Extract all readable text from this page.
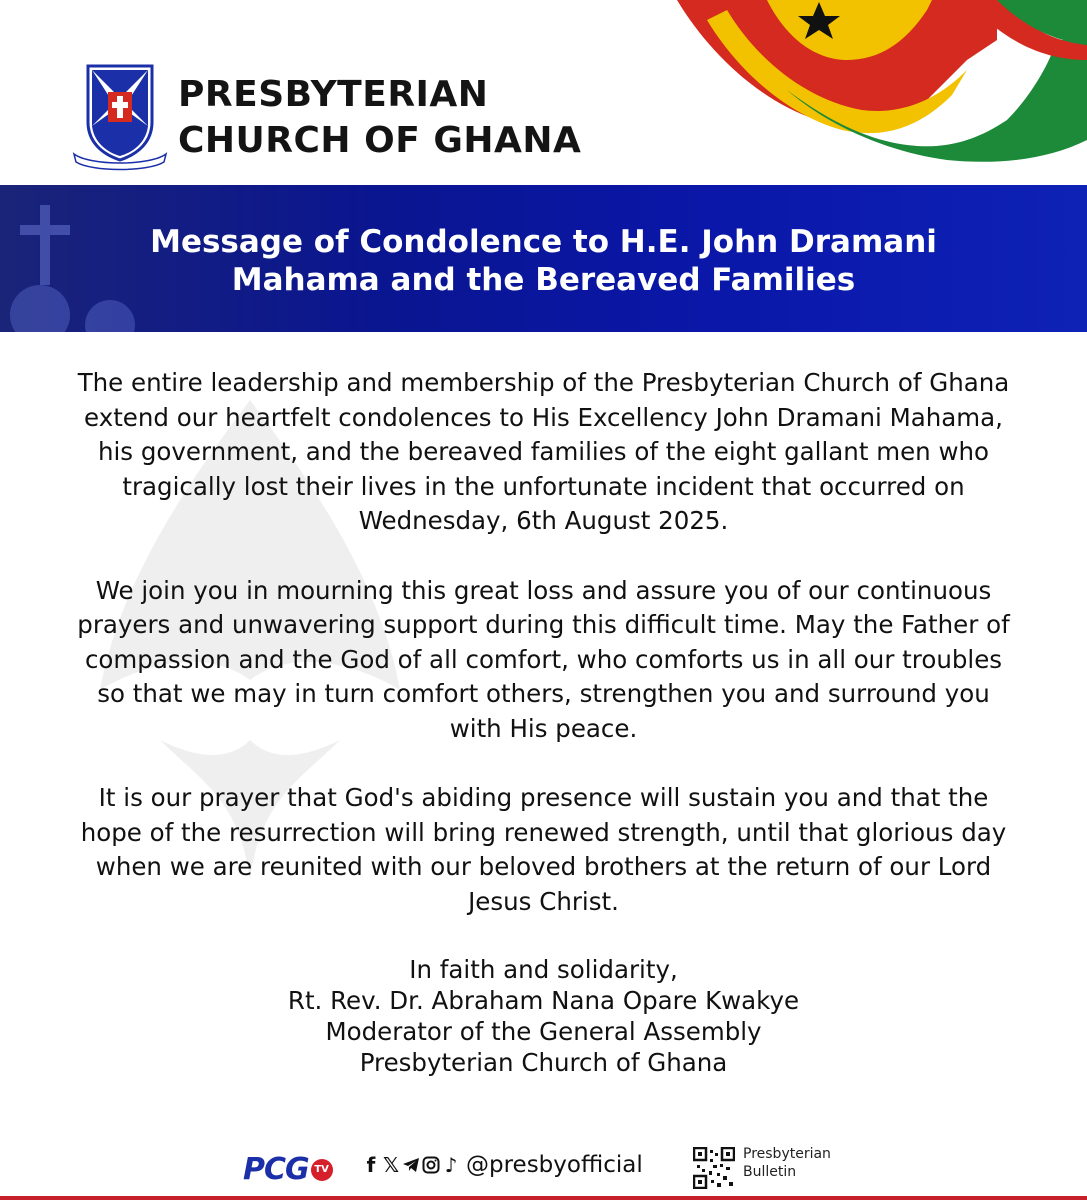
PRESBYTERIAN
CHURCH OF GHANA
Message of Condolence to H.E. John Dramani
Mahama and the Bereaved Families

The entire leadership and membership of the Presbyterian Church of Ghana extend our heartfelt condolences to His Excellency John Dramani Mahama, his government, and the bereaved families of the eight gallant men who tragically lost their lives in the unfortunate incident that occurred on Wednesday, 6th August 2025.

We join you in mourning this great loss and assure you of our continuous prayers and unwavering support during this difficult time. May the Father of compassion and the God of all comfort, who comforts us in all our troubles so that we may in turn comfort others, strengthen you and surround you with His peace.

It is our prayer that God's abiding presence will sustain you and that the hope of the resurrection will bring renewed strength, until that glorious day when we are reunited with our beloved brothers at the return of our Lord Jesus Christ.

In faith and solidarity,
Rt. Rev. Dr. Abraham Nana Opare Kwakye
Moderator of the General Assembly
Presbyterian Church of Ghana
PCG TV f 𝕏 ♪ @presbyofficial	Presbyterian
Bulletin
